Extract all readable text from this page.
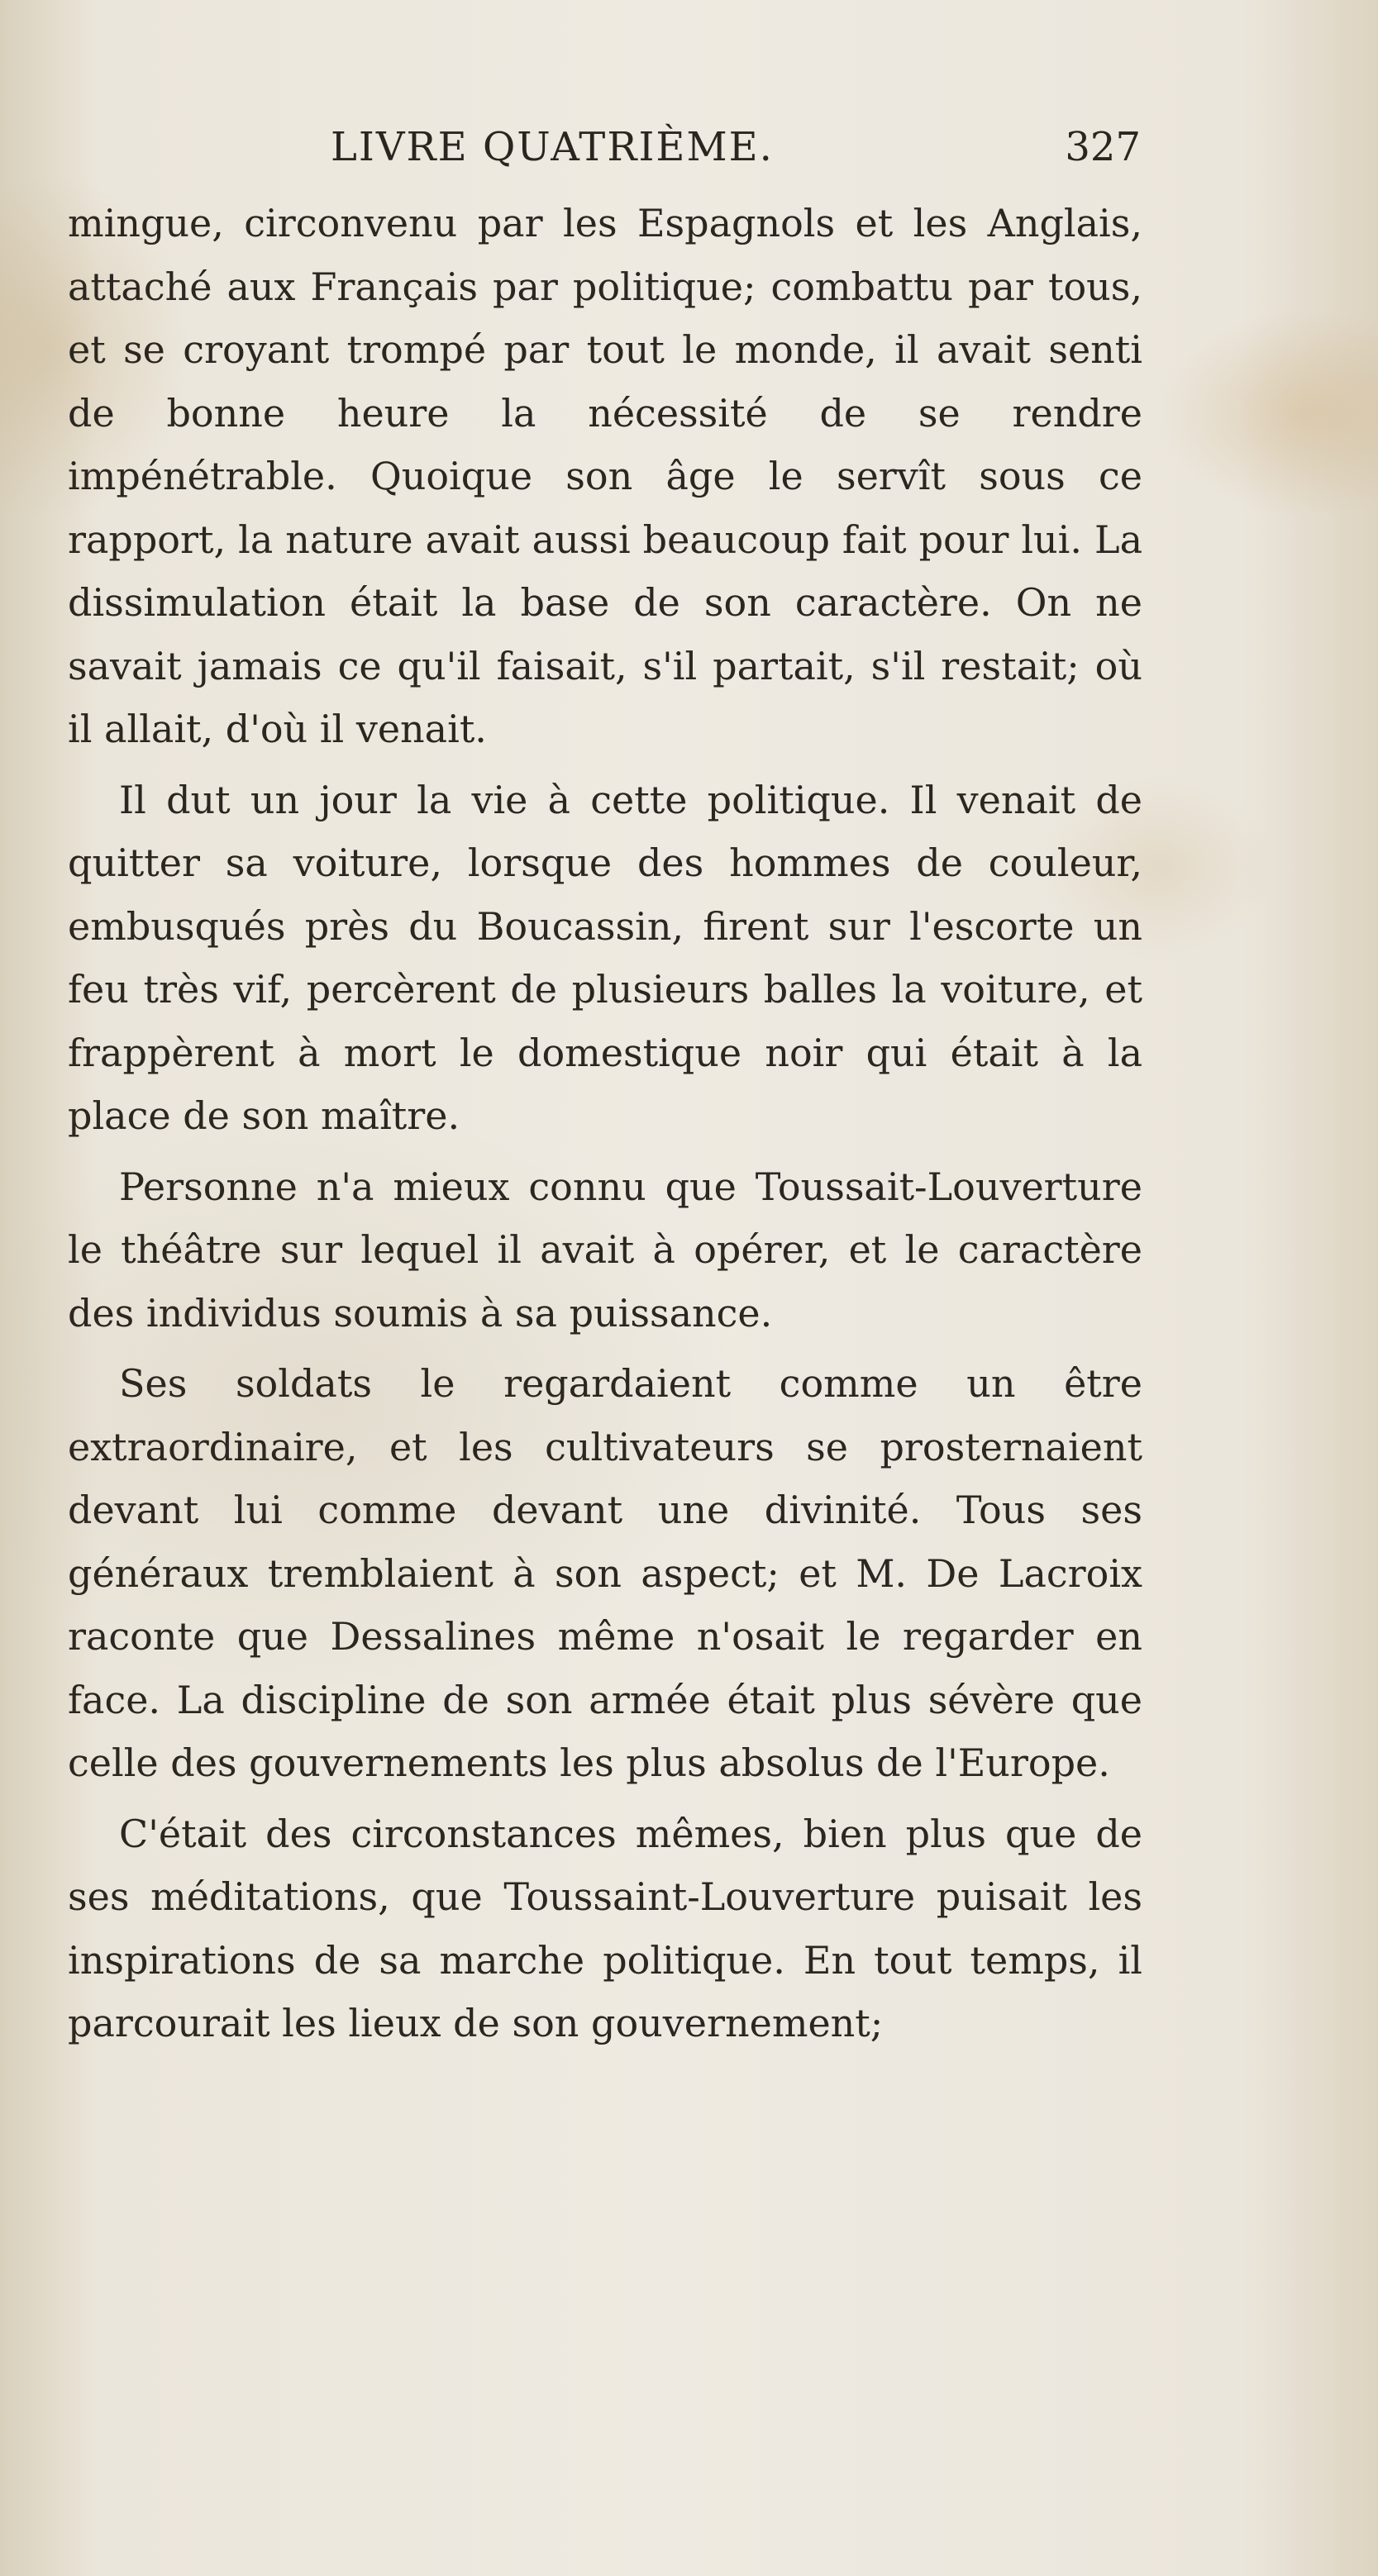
LIVRE QUATRIÈME.	327

mingue, circonvenu par les Espagnols et les Anglais, attaché aux Français par politique; combattu par tous, et se croyant trompé par tout le monde, il avait senti de bonne heure la nécessité de se rendre impénétrable. Quoique son âge le servît sous ce rapport, la nature avait aussi beaucoup fait pour lui. La dissimulation était la base de son caractère. On ne savait jamais ce qu'il faisait, s'il partait, s'il restait; où il allait, d'où il venait.

Il dut un jour la vie à cette politique. Il venait de quitter sa voiture, lorsque des hommes de couleur, embusqués près du Boucassin, firent sur l'escorte un feu très vif, percèrent de plusieurs balles la voiture, et frappèrent à mort le domestique noir qui était à la place de son maître.

Personne n'a mieux connu que Toussait-Louverture le théâtre sur lequel il avait à opérer, et le caractère des individus soumis à sa puissance.

Ses soldats le regardaient comme un être extraordinaire, et les cultivateurs se prosternaient devant lui comme devant une divinité. Tous ses généraux tremblaient à son aspect; et M. De Lacroix raconte que Dessalines même n'osait le regarder en face. La discipline de son armée était plus sévère que celle des gouvernements les plus absolus de l'Europe.

C'était des circonstances mêmes, bien plus que de ses méditations, que Toussaint-Louverture puisait les inspirations de sa marche politique. En tout temps, il parcourait les lieux de son gouvernement;
